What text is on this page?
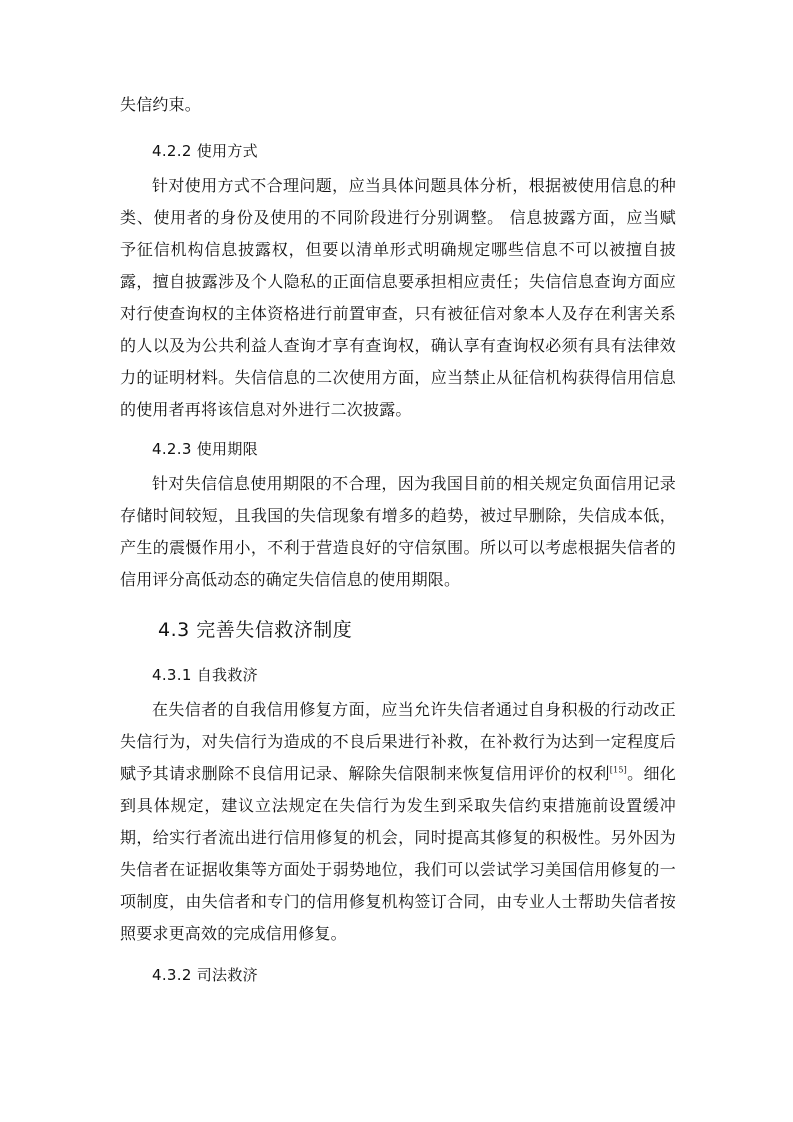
失信约束。

4.2.2 使用方式

针对使用方式不合理问题，应当具体问题具体分析，根据被使用信息的种类、使用者的身份及使用的不同阶段进行分别调整。 信息披露方面，应当赋予征信机构信息披露权，但要以清单形式明确规定哪些信息不可以被擅自披露，擅自披露涉及个人隐私的正面信息要承担相应责任；失信信息查询方面应对行使查询权的主体资格进行前置审查，只有被征信对象本人及存在利害关系的人以及为公共利益人查询才享有查询权，确认享有查询权必须有具有法律效力的证明材料。失信信息的二次使用方面，应当禁止从征信机构获得信用信息的使用者再将该信息对外进行二次披露。

4.2.3 使用期限

针对失信信息使用期限的不合理，因为我国目前的相关规定负面信用记录存储时间较短，且我国的失信现象有增多的趋势，被过早删除，失信成本低，产生的震慑作用小，不利于营造良好的守信氛围。所以可以考虑根据失信者的信用评分高低动态的确定失信信息的使用期限。

4.3 完善失信救济制度
4.3.1 自我救济

在失信者的自我信用修复方面，应当允许失信者通过自身积极的行动改正失信行为，对失信行为造成的不良后果进行补救，在补救行为达到一定程度后赋予其请求删除不良信用记录、解除失信限制来恢复信用评价的权利[15]。细化到具体规定，建议立法规定在失信行为发生到采取失信约束措施前设置缓冲期，给实行者流出进行信用修复的机会，同时提高其修复的积极性。另外因为失信者在证据收集等方面处于弱势地位，我们可以尝试学习美国信用修复的一项制度，由失信者和专门的信用修复机构签订合同，由专业人士帮助失信者按照要求更高效的完成信用修复。

4.3.2 司法救济
